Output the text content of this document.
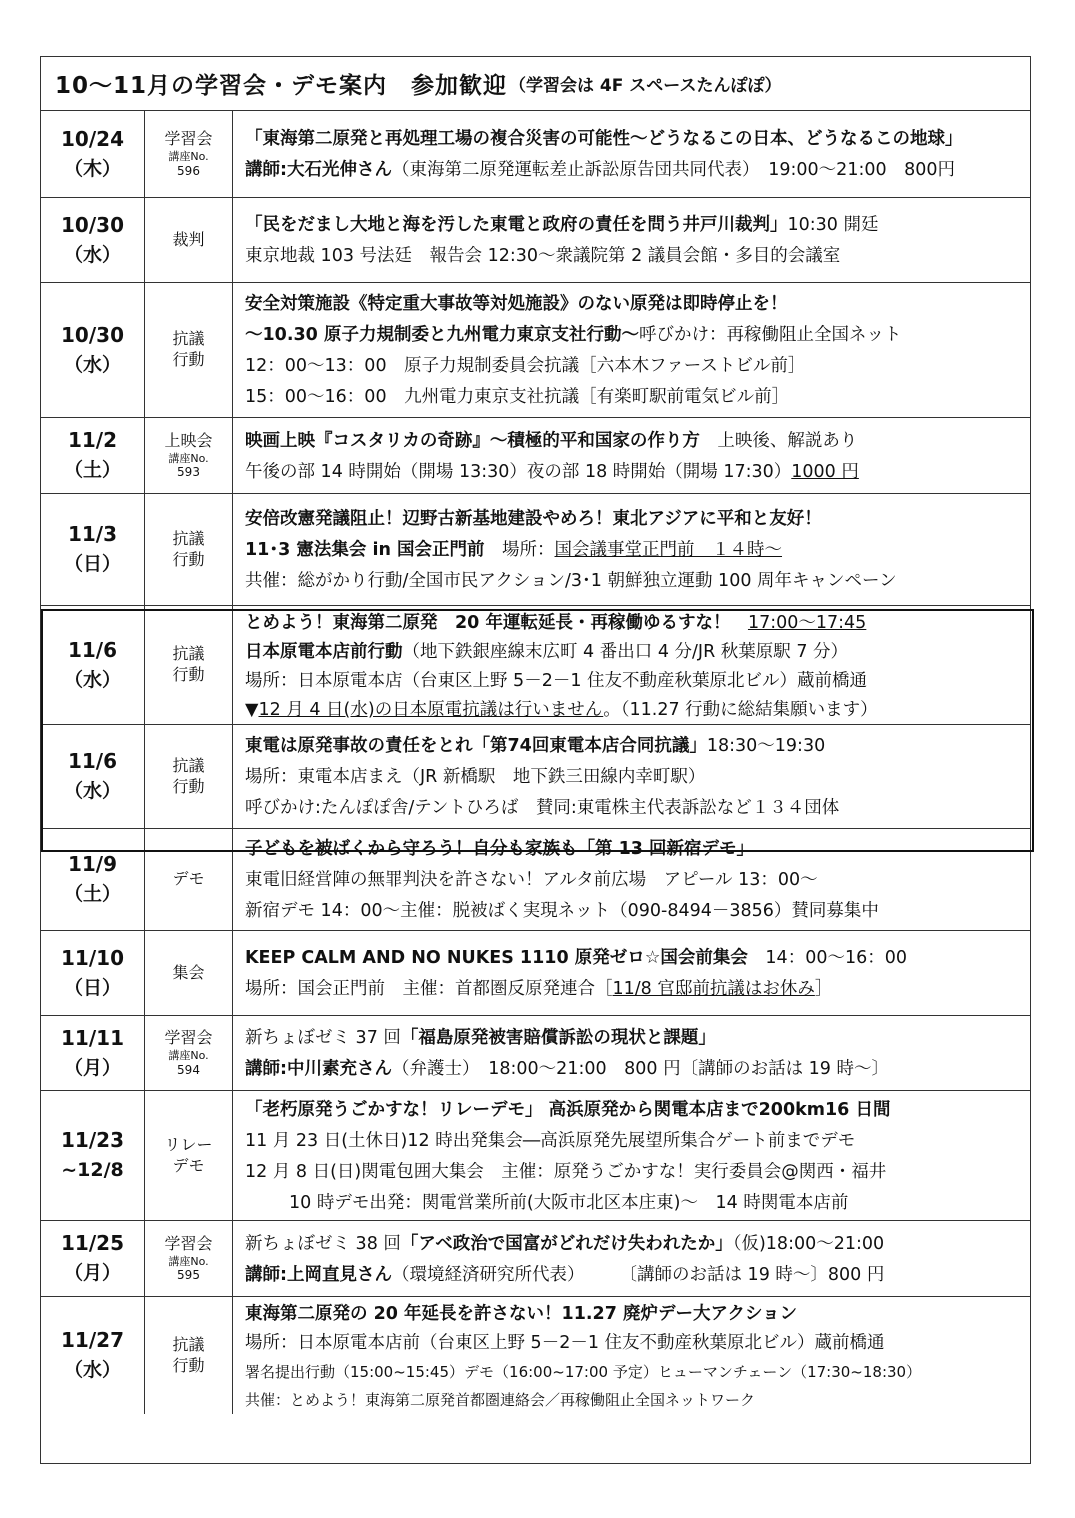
10～11月の学習会・デモ案内　参加歓迎 （学習会は 4F スペースたんぽぽ）
10/24
（木）
学習会
講座No.
596
「東海第二原発と再処理工場の複合災害の可能性～どうなるこの日本、どうなるこの地球」
講師:大石光伸さん（東海第二原発運転差止訴訟原告団共同代表）　19:00～21:00　800円
10/30
（水）
裁判
「民をだまし大地と海を汚した東電と政府の責任を問う井戸川裁判」10:30 開廷
東京地裁 103 号法廷　報告会 12:30～衆議院第 2 議員会館・多目的会議室
10/30
（水）
抗議
行動
安全対策施設《特定重大事故等対処施設》のない原発は即時停止を！
～10.30 原子力規制委と九州電力東京支社行動～呼びかけ：再稼働阻止全国ネット
12：00～13：00　原子力規制委員会抗議［六本木ファーストビル前］
15：00～16：00　九州電力東京支社抗議［有楽町駅前電気ビル前］
11/2
（土）
上映会
講座No.
593
映画上映『コスタリカの奇跡』～積極的平和国家の作り方　上映後、解説あり
午後の部 14 時開始（開場 13:30）夜の部 18 時開始（開場 17:30）1000 円
11/3
（日）
抗議
行動
安倍改憲発議阻止！辺野古新基地建設やめろ！東北アジアに平和と友好！
11･3 憲法集会 in 国会正門前　場所：国会議事堂正門前　１４時～
共催：総がかり行動/全国市民アクション/3･1 朝鮮独立運動 100 周年キャンペーン
11/6
（水）
抗議
行動
とめよう！東海第二原発　20 年運転延長・再稼働ゆるすな！　 17:00～17:45
日本原電本店前行動（地下鉄銀座線末広町 4 番出口 4 分/JR 秋葉原駅 7 分）
場所：日本原電本店（台東区上野 5－2－1 住友不動産秋葉原北ビル）蔵前橋通
▼12 月 4 日(水)の日本原電抗議は行いません。（11.27 行動に総結集願います）
11/6
（水）
抗議
行動
東電は原発事故の責任をとれ「第74回東電本店合同抗議」18:30～19:30
場所：東電本店まえ（JR 新橋駅　地下鉄三田線内幸町駅）
呼びかけ:たんぽぽ舎/テントひろば　賛同:東電株主代表訴訟など１３４団体
11/9
（土）
デモ
子どもを被ばくから守ろう！自分も家族も「第 13 回新宿デモ」
東電旧経営陣の無罪判決を許さない！アルタ前広場　アピール 13：00～
新宿デモ 14：00～主催：脱被ばく実現ネット（090-8494－3856）賛同募集中
11/10
（日）
集会
KEEP CALM AND NO NUKES 1110 原発ゼロ☆国会前集会　14：00～16：00
場所：国会正門前　主催：首都圏反原発連合［11/8 官邸前抗議はお休み］
11/11
（月）
学習会
講座No.
594
新ちょぼゼミ 37 回「福島原発被害賠償訴訟の現状と課題」
講師:中川素充さん（弁護士）　18:00～21:00　800 円〔講師のお話は 19 時～〕
11/23
~12/8
リレー
デモ
「老朽原発うごかすな！リレーデモ」 高浜原発から関電本店まで200km16 日間
11 月 23 日(土休日)12 時出発集会―高浜原発先展望所集合ゲート前までデモ
12 月 8 日(日)関電包囲大集会　主催：原発うごかすな！実行委員会@関西・福井
10 時デモ出発：関電営業所前(大阪市北区本庄東)～　14 時関電本店前
11/25
（月）
学習会
講座No.
595
新ちょぼゼミ 38 回「アベ政治で国富がどれだけ失われたか」（仮)18:00～21:00
講師:上岡直見さん（環境経済研究所代表）　　　〔講師のお話は 19 時～〕800 円
11/27
（水）
抗議
行動
東海第二原発の 20 年延長を許さない！11.27 廃炉デー大アクション
場所：日本原電本店前（台東区上野 5－2－1 住友不動産秋葉原北ビル）蔵前橋通
署名提出行動（15:00~15:45）デモ（16:00~17:00 予定）ヒューマンチェーン（17:30~18:30）
共催：とめよう！東海第二原発首都圏連絡会／再稼働阻止全国ネットワーク
